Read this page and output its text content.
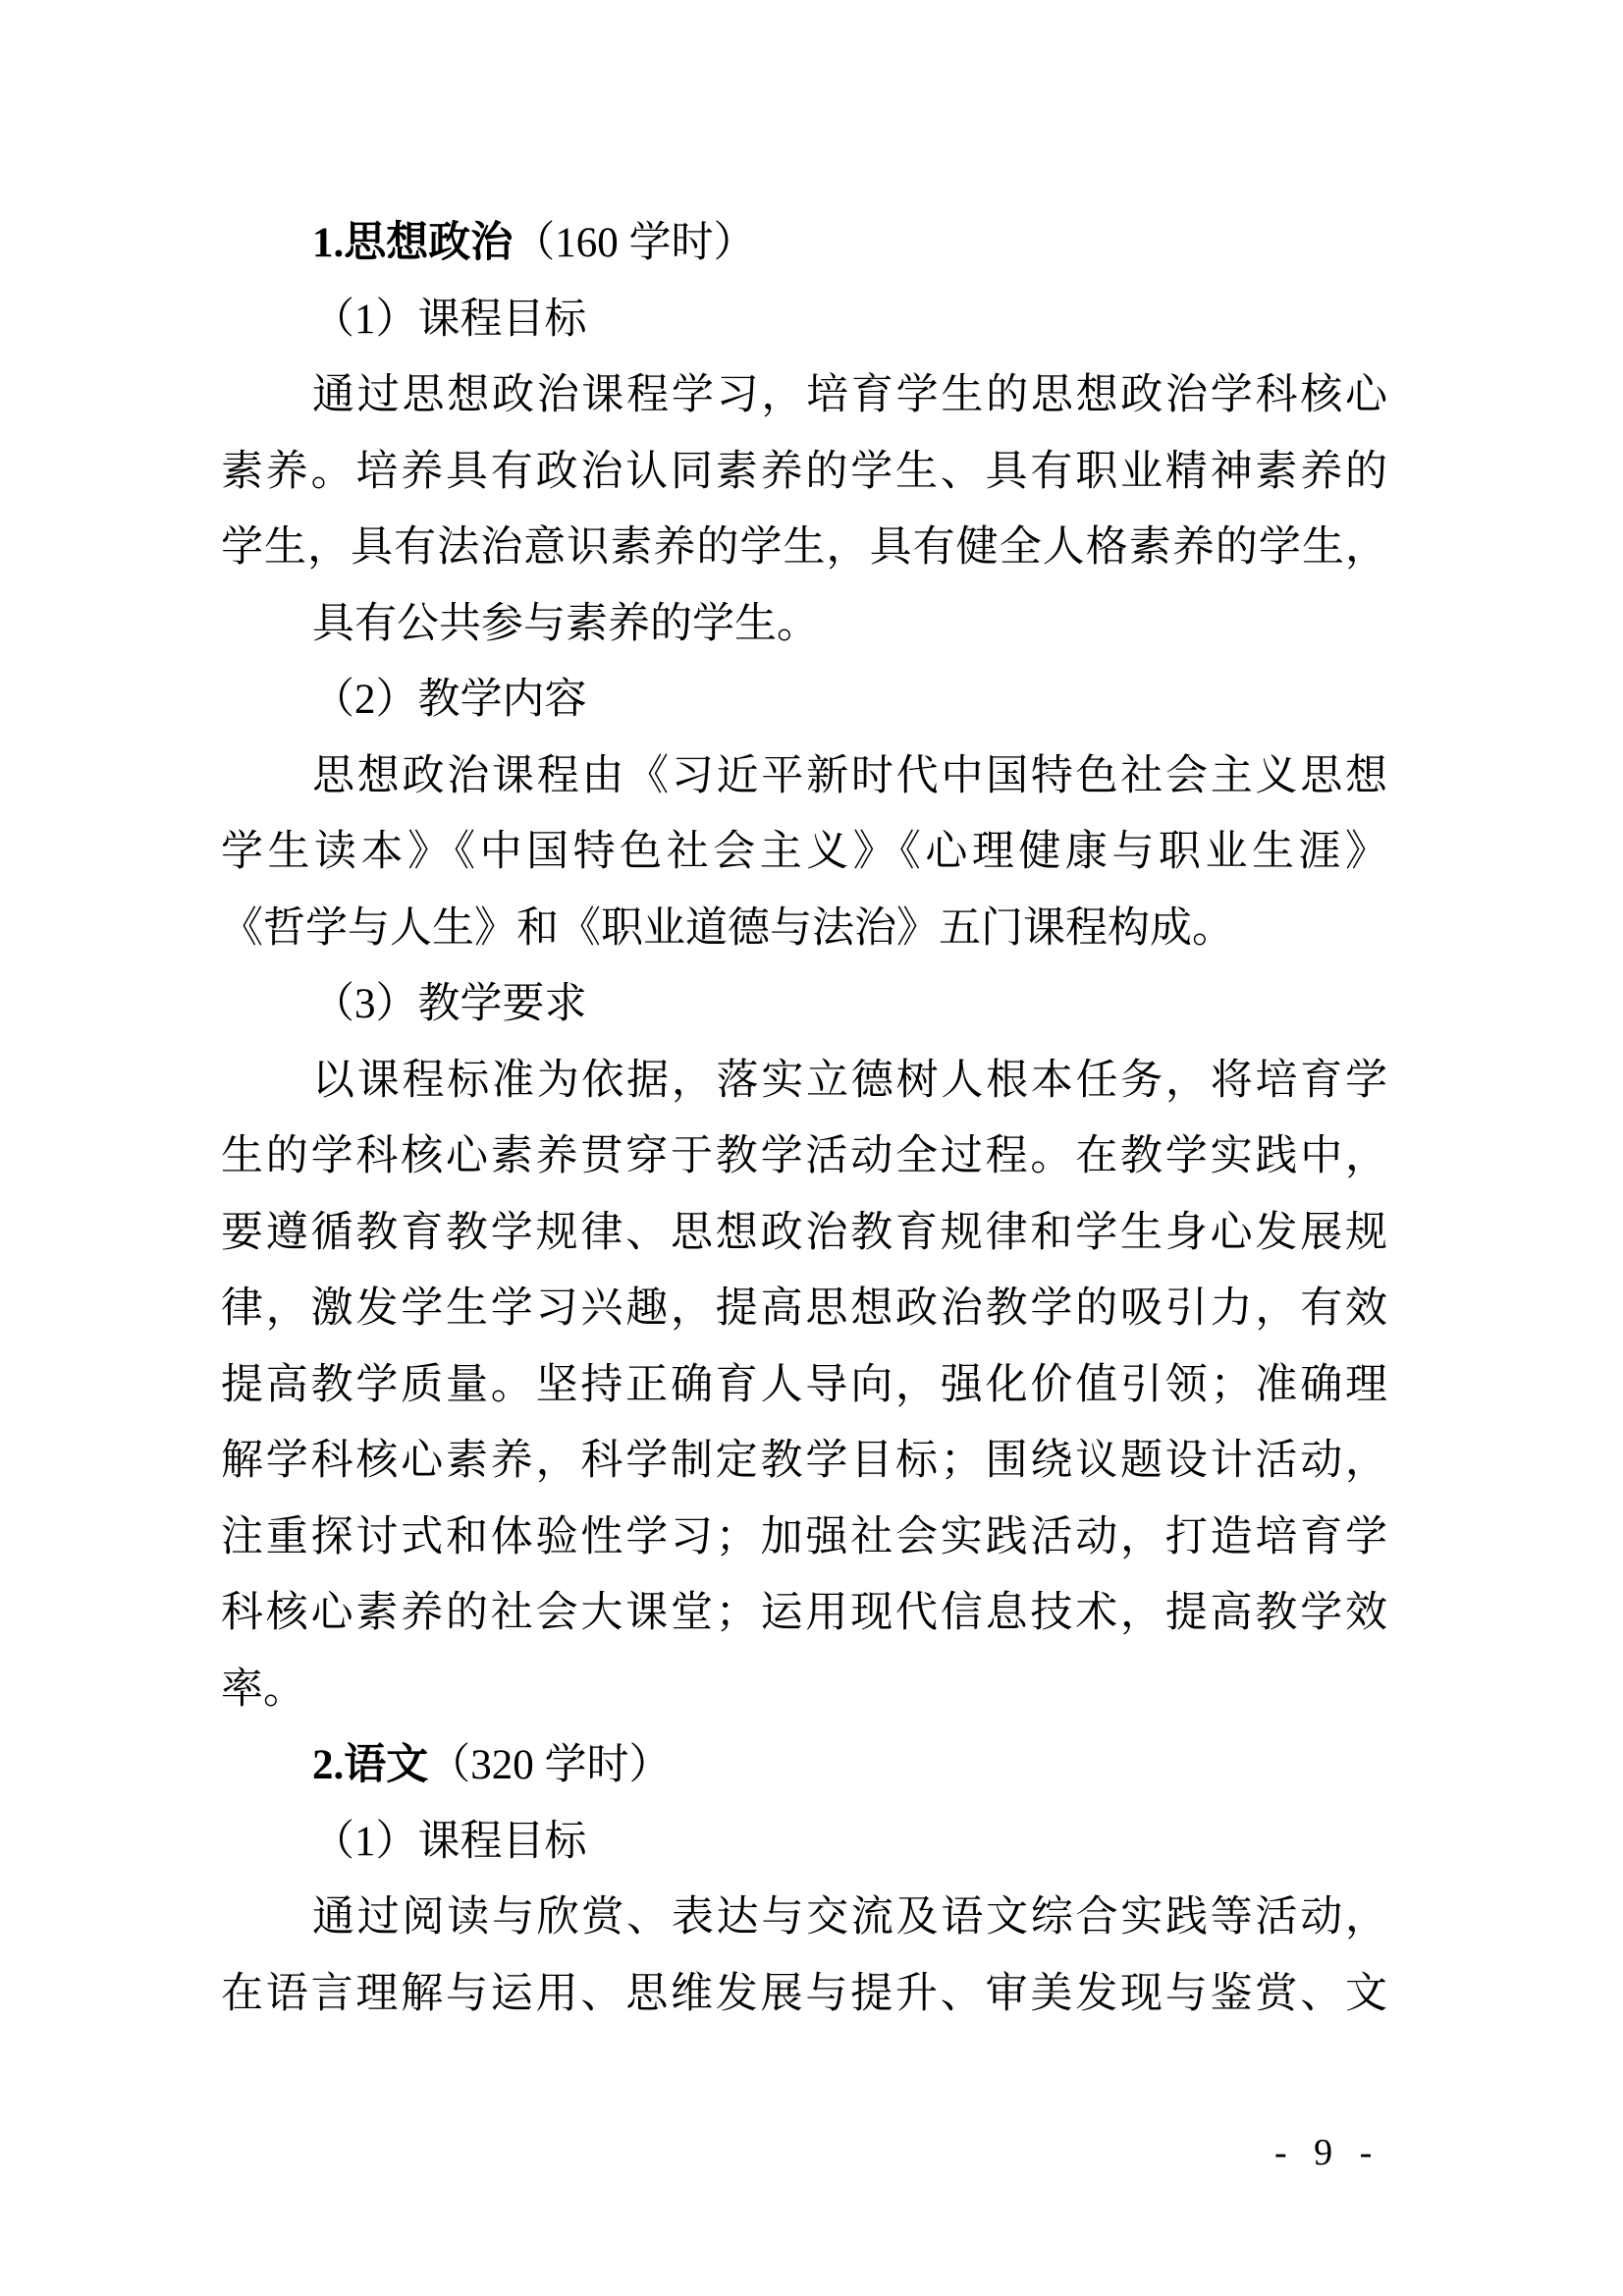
1.思想政治（160 学时）
（1）课程目标
通过思想政治课程学习，培育学生的思想政治学科核心
素养。培养具有政治认同素养的学生、具有职业精神素养的
学生，具有法治意识素养的学生，具有健全人格素养的学生，
具有公共参与素养的学生。
（2）教学内容
思想政治课程由《习近平新时代中国特色社会主义思想
学生读本》《中国特色社会主义》《心理健康与职业生涯》
《哲学与人生》和《职业道德与法治》五门课程构成。
（3）教学要求
以课程标准为依据，落实立德树人根本任务，将培育学
生的学科核心素养贯穿于教学活动全过程。在教学实践中，
要遵循教育教学规律、思想政治教育规律和学生身心发展规
律，激发学生学习兴趣，提高思想政治教学的吸引力，有效
提高教学质量。坚持正确育人导向，强化价值引领；准确理
解学科核心素养，科学制定教学目标；围绕议题设计活动，
注重探讨式和体验性学习；加强社会实践活动，打造培育学
科核心素养的社会大课堂；运用现代信息技术，提高教学效
率。
2.语文（320 学时）
（1）课程目标
通过阅读与欣赏、表达与交流及语文综合实践等活动，
在语言理解与运用、思维发展与提升、审美发现与鉴赏、文
- 9 -
